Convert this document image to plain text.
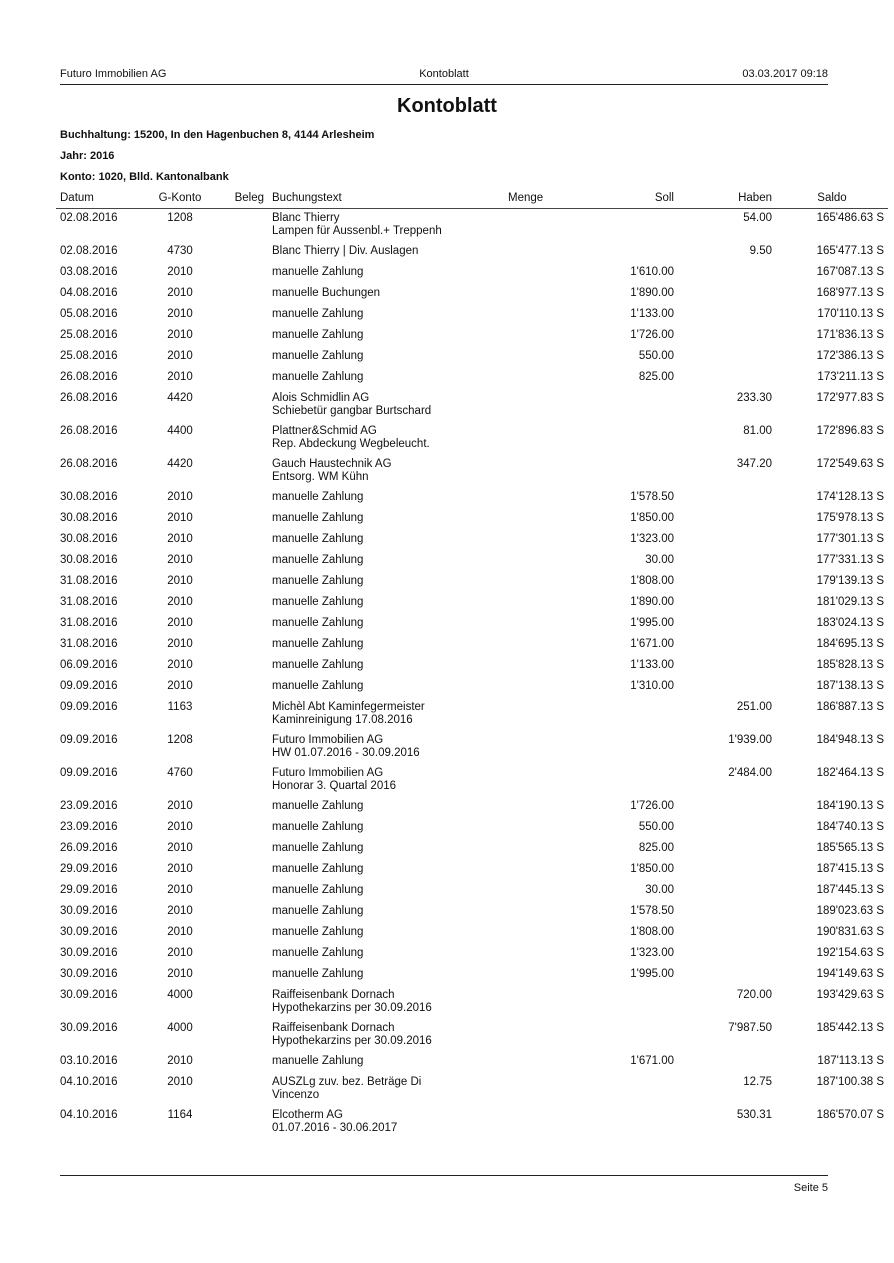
Futuro Immobilien AG	Kontoblatt	03.03.2017 09:18
Kontoblatt
Buchhaltung: 15200, In den Hagenbuchen 8, 4144 Arlesheim
Jahr: 2016
Konto: 1020, Blld. Kantonalbank
Datum	G-Konto	Beleg	Buchungstext	Menge	Soll	Haben	Saldo
02.08.2016	1208		Blanc Thierry
Lampen für Aussenbl.+ Treppenh			54.00	165'486.63 S
02.08.2016	4730		Blanc Thierry | Div. Auslagen			9.50	165'477.13 S
03.08.2016	2010		manuelle Zahlung		1'610.00		167'087.13 S
04.08.2016	2010		manuelle Buchungen		1'890.00		168'977.13 S
05.08.2016	2010		manuelle Zahlung		1'133.00		170'110.13 S
25.08.2016	2010		manuelle Zahlung		1'726.00		171'836.13 S
25.08.2016	2010		manuelle Zahlung		550.00		172'386.13 S
26.08.2016	2010		manuelle Zahlung		825.00		173'211.13 S
26.08.2016	4420		Alois Schmidlin AG
Schiebetür gangbar Burtschard			233.30	172'977.83 S
26.08.2016	4400		Plattner&Schmid AG
Rep. Abdeckung Wegbeleucht.			81.00	172'896.83 S
26.08.2016	4420		Gauch Haustechnik AG
Entsorg. WM Kühn			347.20	172'549.63 S
30.08.2016	2010		manuelle Zahlung		1'578.50		174'128.13 S
30.08.2016	2010		manuelle Zahlung		1'850.00		175'978.13 S
30.08.2016	2010		manuelle Zahlung		1'323.00		177'301.13 S
30.08.2016	2010		manuelle Zahlung		30.00		177'331.13 S
31.08.2016	2010		manuelle Zahlung		1'808.00		179'139.13 S
31.08.2016	2010		manuelle Zahlung		1'890.00		181'029.13 S
31.08.2016	2010		manuelle Zahlung		1'995.00		183'024.13 S
31.08.2016	2010		manuelle Zahlung		1'671.00		184'695.13 S
06.09.2016	2010		manuelle Zahlung		1'133.00		185'828.13 S
09.09.2016	2010		manuelle Zahlung		1'310.00		187'138.13 S
09.09.2016	1163		Michèl Abt Kaminfegermeister
Kaminreinigung 17.08.2016			251.00	186'887.13 S
09.09.2016	1208		Futuro Immobilien AG
HW 01.07.2016 - 30.09.2016			1'939.00	184'948.13 S
09.09.2016	4760		Futuro Immobilien AG
Honorar 3. Quartal 2016			2'484.00	182'464.13 S
23.09.2016	2010		manuelle Zahlung		1'726.00		184'190.13 S
23.09.2016	2010		manuelle Zahlung		550.00		184'740.13 S
26.09.2016	2010		manuelle Zahlung		825.00		185'565.13 S
29.09.2016	2010		manuelle Zahlung		1'850.00		187'415.13 S
29.09.2016	2010		manuelle Zahlung		30.00		187'445.13 S
30.09.2016	2010		manuelle Zahlung		1'578.50		189'023.63 S
30.09.2016	2010		manuelle Zahlung		1'808.00		190'831.63 S
30.09.2016	2010		manuelle Zahlung		1'323.00		192'154.63 S
30.09.2016	2010		manuelle Zahlung		1'995.00		194'149.63 S
30.09.2016	4000		Raiffeisenbank Dornach
Hypothekarzins per 30.09.2016			720.00	193'429.63 S
30.09.2016	4000		Raiffeisenbank Dornach
Hypothekarzins per 30.09.2016			7'987.50	185'442.13 S
03.10.2016	2010		manuelle Zahlung		1'671.00		187'113.13 S
04.10.2016	2010		AUSZLg zuv. bez. Beträge Di
Vincenzo			12.75	187'100.38 S
04.10.2016	1164		Elcotherm AG
01.07.2016 - 30.06.2017			530.31	186'570.07 S
Seite 5
